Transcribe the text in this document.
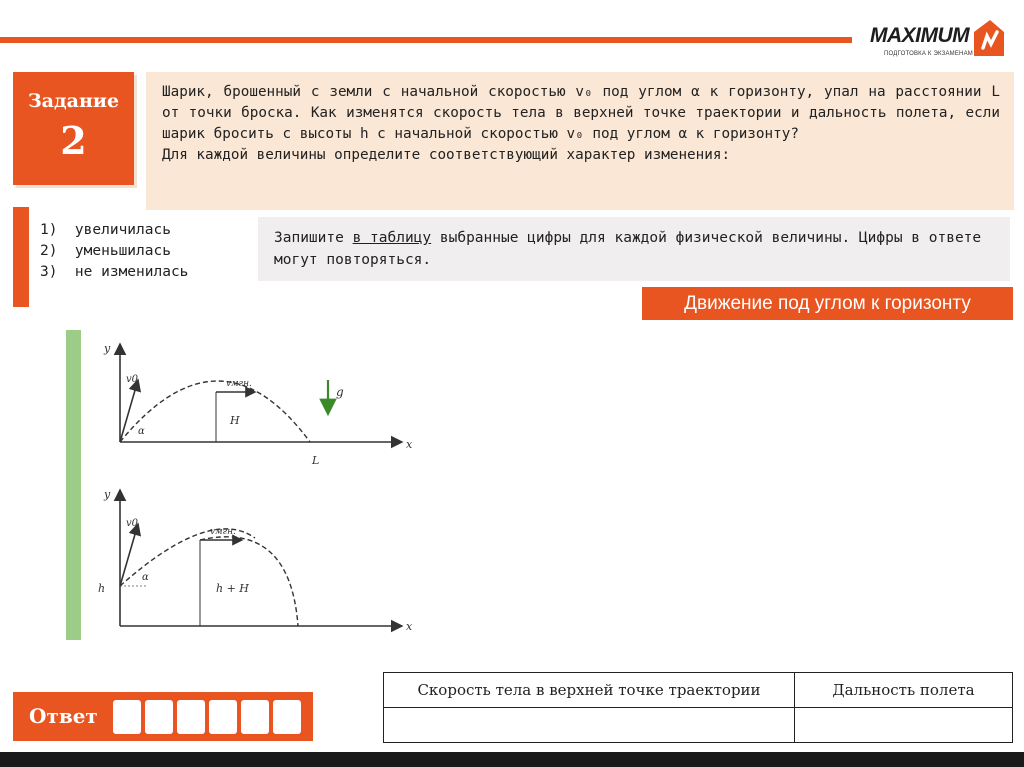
MAXIMUM
ПОДГОТОВКА К ЭКЗАМЕНАМ
Задание
2

Шарик, брошенный с земли с начальной скоростью v₀ под углом α к горизонту, упал на расстоянии L от точки броска. Как изменятся скорость тела в верхней точке траектории и дальность полета, если шарик бросить с высоты h с начальной скоростью v₀ под углом α к горизонту?

Для каждой величины определите соответствующий характер изменения:

1)  увеличилась
2)  уменьшилась
3)  не изменилась
Запишите в таблицу выбранные цифры для каждой физической величины. Цифры в ответе могут повторяться.
Движение под углом к горизонту
y
x
v0	vмгн.
H
α
L
g
y
x
v0
vмгн.
h + H
h
α
Ответ
Скорость тела в верхней точке траектории	Дальность полета
